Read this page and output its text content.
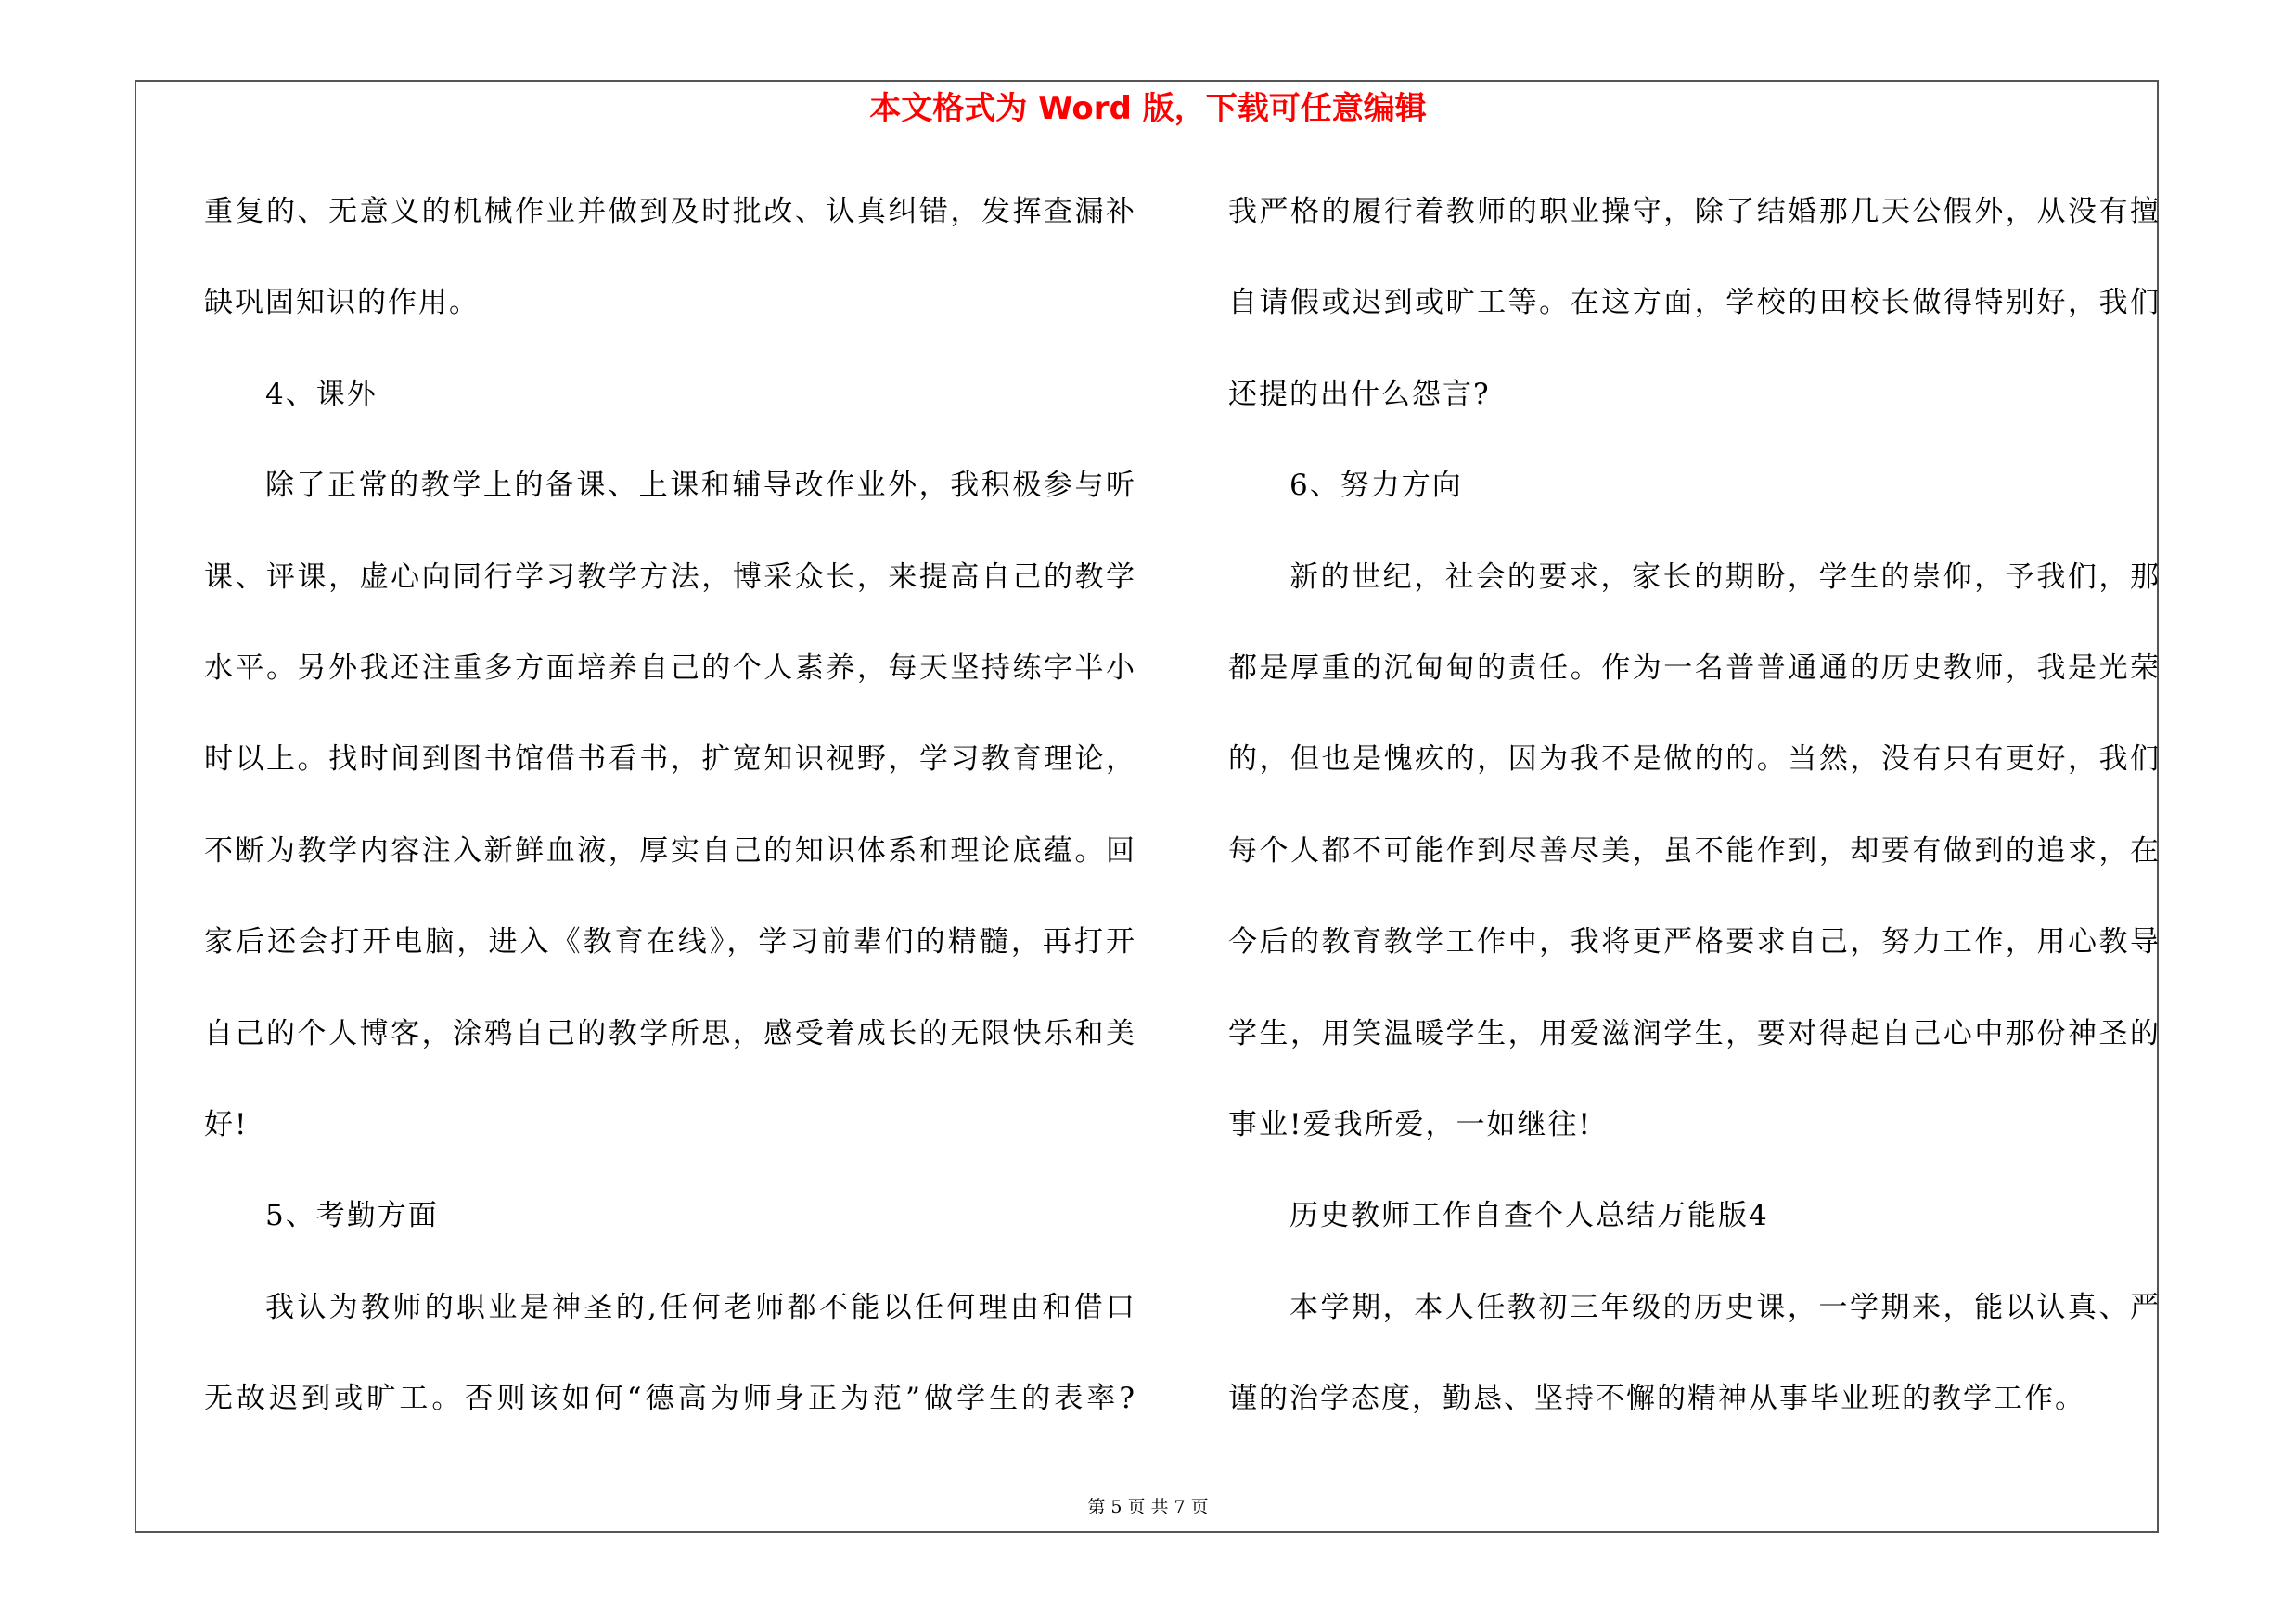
本文格式为 Word 版，下载可任意编辑
重复的、无意义的机械作业并做到及时批改、认真纠错，发挥查漏补
缺巩固知识的作用。
4、课外
除了正常的教学上的备课、上课和辅导改作业外，我积极参与听
课、评课，虚心向同行学习教学方法，博采众长，来提高自己的教学
水平。另外我还注重多方面培养自己的个人素养，每天坚持练字半小
时以上。找时间到图书馆借书看书，扩宽知识视野，学习教育理论，
不断为教学内容注入新鲜血液，厚实自己的知识体系和理论底蕴。回
家后还会打开电脑，进入《教育在线》，学习前辈们的精髓，再打开
自己的个人博客，涂鸦自己的教学所思，感受着成长的无限快乐和美
好!
5、考勤方面
我认为教师的职业是神圣的,任何老师都不能以任何理由和借口
无故迟到或旷工。否则该如何“德高为师身正为范”做学生的表率?
我严格的履行着教师的职业操守，除了结婚那几天公假外，从没有擅
自请假或迟到或旷工等。在这方面，学校的田校长做得特别好，我们
还提的出什么怨言?
6、努力方向
新的世纪，社会的要求，家长的期盼，学生的崇仰，予我们，那
都是厚重的沉甸甸的责任。作为一名普普通通的历史教师，我是光荣
的，但也是愧疚的，因为我不是做的的。当然，没有只有更好，我们
每个人都不可能作到尽善尽美，虽不能作到，却要有做到的追求，在
今后的教育教学工作中，我将更严格要求自己，努力工作，用心教导
学生，用笑温暖学生，用爱滋润学生，要对得起自己心中那份神圣的
事业!爱我所爱，一如继往!
历史教师工作自查个人总结万能版4
本学期，本人任教初三年级的历史课，一学期来，能以认真、严
谨的治学态度，勤恳、坚持不懈的精神从事毕业班的教学工作。
第 5 页 共 7 页
